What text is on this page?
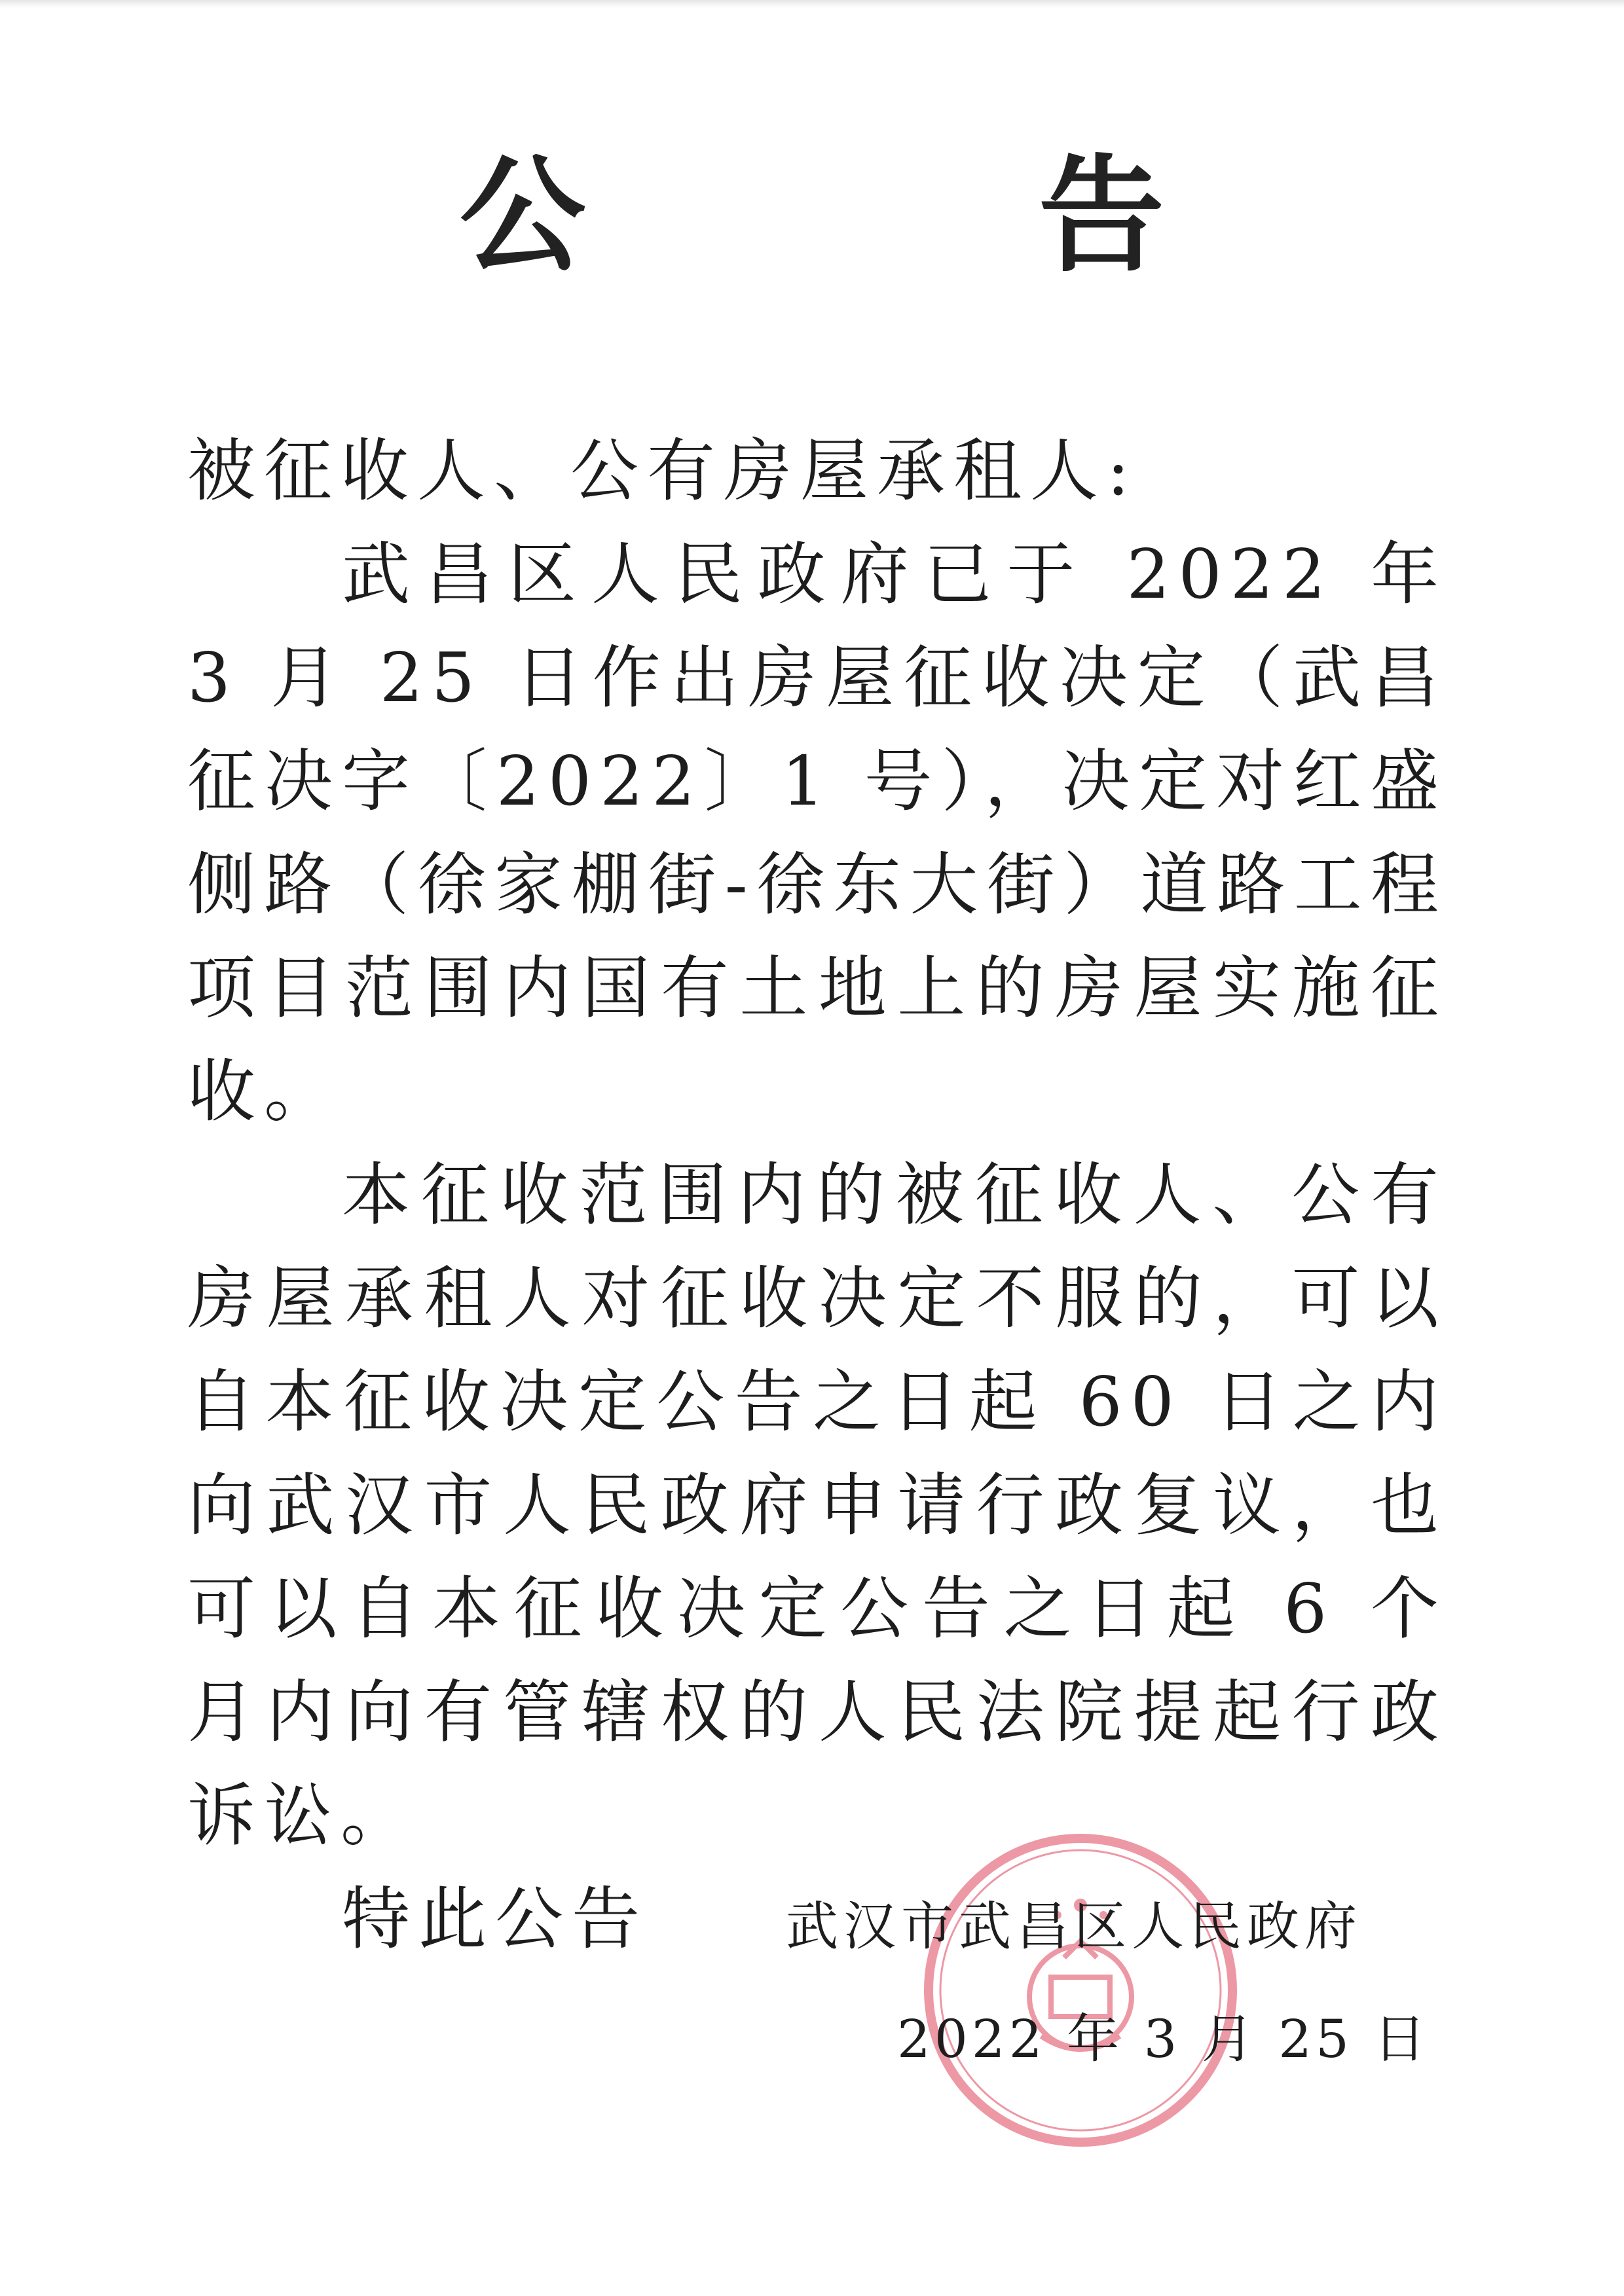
公　告

被征收人、公有房屋承租人:

武昌区人民政府已于 2022 年 3 月 25 日作出房屋征收决定（武昌征决字〔2022〕1 号），决定对红盛侧路（徐家棚街-徐东大街）道路工程项目范围内国有土地上的房屋实施征收。

本征收范围内的被征收人、公有房屋承租人对征收决定不服的，可以自本征收决定公告之日起 60 日之内向武汉市人民政府申请行政复议，也可以自本征收决定公告之日起 6 个月内向有管辖权的人民法院提起行政诉讼。

特此公告	武汉市武昌区人民政府
2022 年 3 月 25 日
